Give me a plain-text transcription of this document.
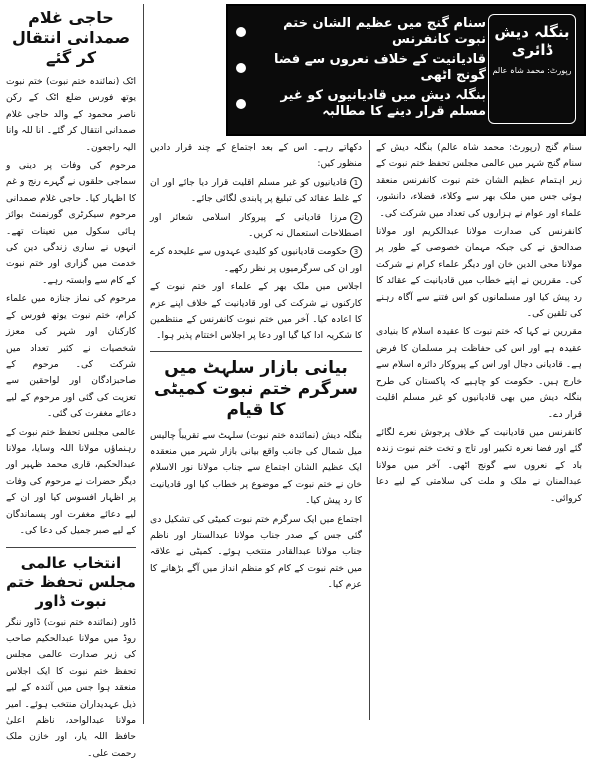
بنگلہ دیش ڈائری
رپورٹ: محمد شاہ عالم
سنام گنج میں عظیم الشان ختم نبوت کانفرنس
قادیانیت کے خلاف نعروں سے فضا گونج اٹھی
بنگلہ دیش میں قادیانیوں کو غیر مسلم قرار دینے کا مطالبہ

سنام گنج (رپورٹ: محمد شاہ عالم) بنگلہ دیش کے سنام گنج شہر میں عالمی مجلس تحفظ ختم نبوت کے زیر اہتمام عظیم الشان ختم نبوت کانفرنس منعقد ہوئی جس میں ملک بھر سے وکلاء، فضلاء، دانشور، علماء اور عوام نے ہزاروں کی تعداد میں شرکت کی۔

کانفرنس کی صدارت مولانا عبدالکریم اور مولانا صدالحق نے کی جبکہ مہمان خصوصی کے طور پر مولانا محی الدین خان اور دیگر علماء کرام نے شرکت کی۔ مقررین نے اپنے خطاب میں قادیانیت کے عقائد کا رد پیش کیا اور مسلمانوں کو اس فتنے سے آگاہ رہنے کی تلقین کی۔

مقررین نے کہا کہ ختم نبوت کا عقیدہ اسلام کا بنیادی عقیدہ ہے اور اس کی حفاظت ہر مسلمان کا فرض ہے۔ قادیانی دجال اور اس کے پیروکار دائرہ اسلام سے خارج ہیں۔ حکومت کو چاہیے کہ پاکستان کی طرح بنگلہ دیش میں بھی قادیانیوں کو غیر مسلم اقلیت قرار دے۔

کانفرنس میں قادیانیت کے خلاف پرجوش نعرے لگائے گئے اور فضا نعرہ تکبیر اور تاج و تخت ختم نبوت زندہ باد کے نعروں سے گونج اٹھی۔ آخر میں مولانا عبدالمنان نے ملک و ملت کی سلامتی کے لیے دعا کروائی۔

دکھاتے رہے۔ اس کے بعد اجتماع کے چند قرار دادیں منظور کیں:

1قادیانیوں کو غیر مسلم اقلیت قرار دیا جائے اور ان کے غلط عقائد کی تبلیغ پر پابندی لگائی جائے۔

2مرزا قادیانی کے پیروکار اسلامی شعائر اور اصطلاحات استعمال نہ کریں۔

3حکومت قادیانیوں کو کلیدی عہدوں سے علیحدہ کرے اور ان کی سرگرمیوں پر نظر رکھے۔

اجلاس میں ملک بھر کے علماء اور ختم نبوت کے کارکنوں نے شرکت کی اور قادیانیت کے خلاف اپنے عزم کا اعادہ کیا۔ آخر میں ختم نبوت کانفرنس کے منتظمین کا شکریہ ادا کیا گیا اور دعا پر اجلاس اختتام پذیر ہوا۔

بیانی بازار سلہٹ میں سرگرم ختم نبوت کمیٹی کا قیام

بنگلہ دیش (نمائندہ ختم نبوت) سلہٹ سے تقریباً چالیس میل شمال کی جانب واقع بیانی بازار شہر میں منعقدہ ایک عظیم الشان اجتماع سے جناب مولانا نور الاسلام خان نے ختم نبوت کے موضوع پر خطاب کیا اور قادیانیت کا رد پیش کیا۔

اجتماع میں ایک سرگرم ختم نبوت کمیٹی کی تشکیل دی گئی جس کے صدر جناب مولانا عبدالستار اور ناظم جناب مولانا عبدالقادر منتخب ہوئے۔ کمیٹی نے علاقہ میں ختم نبوت کے کام کو منظم انداز میں آگے بڑھانے کا عزم کیا۔

حاجی غلام صمدانی انتقال کر گئے

اٹک (نمائندہ ختم نبوت) ختم نبوت یوتھ فورس ضلع اٹک کے رکن ناصر محمود کے والد حاجی غلام صمدانی انتقال کر گئے۔ انا للہ وانا الیہ راجعون۔

مرحوم کی وفات پر دینی و سماجی حلقوں نے گہرے رنج و غم کا اظہار کیا۔ حاجی غلام صمدانی مرحوم سیکرٹری گورنمنٹ بوائز ہائی سکول میں تعینات تھے۔ انہوں نے ساری زندگی دین کی خدمت میں گزاری اور ختم نبوت کے کام سے وابستہ رہے۔

مرحوم کی نماز جنازہ میں علماء کرام، ختم نبوت یوتھ فورس کے کارکنان اور شہر کی معزز شخصیات نے کثیر تعداد میں شرکت کی۔ مرحوم کے صاحبزادگان اور لواحقین سے تعزیت کی گئی اور مرحوم کے لیے دعائے مغفرت کی گئی۔

عالمی مجلس تحفظ ختم نبوت کے رہنماؤں مولانا اللہ وسایا، مولانا عبدالحکیم، قاری محمد ظہیر اور دیگر حضرات نے مرحوم کی وفات پر اظہار افسوس کیا اور ان کے لیے دعائے مغفرت اور پسماندگان کے لیے صبر جمیل کی دعا کی۔

انتخاب عالمی مجلس تحفظ ختم نبوت ڈاور

ڈاور (نمائندہ ختم نبوت) ڈاور ننگر روڈ میں مولانا عبدالحکیم صاحب کی زیر صدارت عالمی مجلس تحفظ ختم نبوت کا ایک اجلاس منعقد ہوا جس میں آئندہ کے لیے ذیل عہدیداران منتخب ہوئے۔ امیر مولانا عبدالواحد، ناظم اعلیٰ حافظ اللہ یار، اور خازن ملک رحمت علی۔
